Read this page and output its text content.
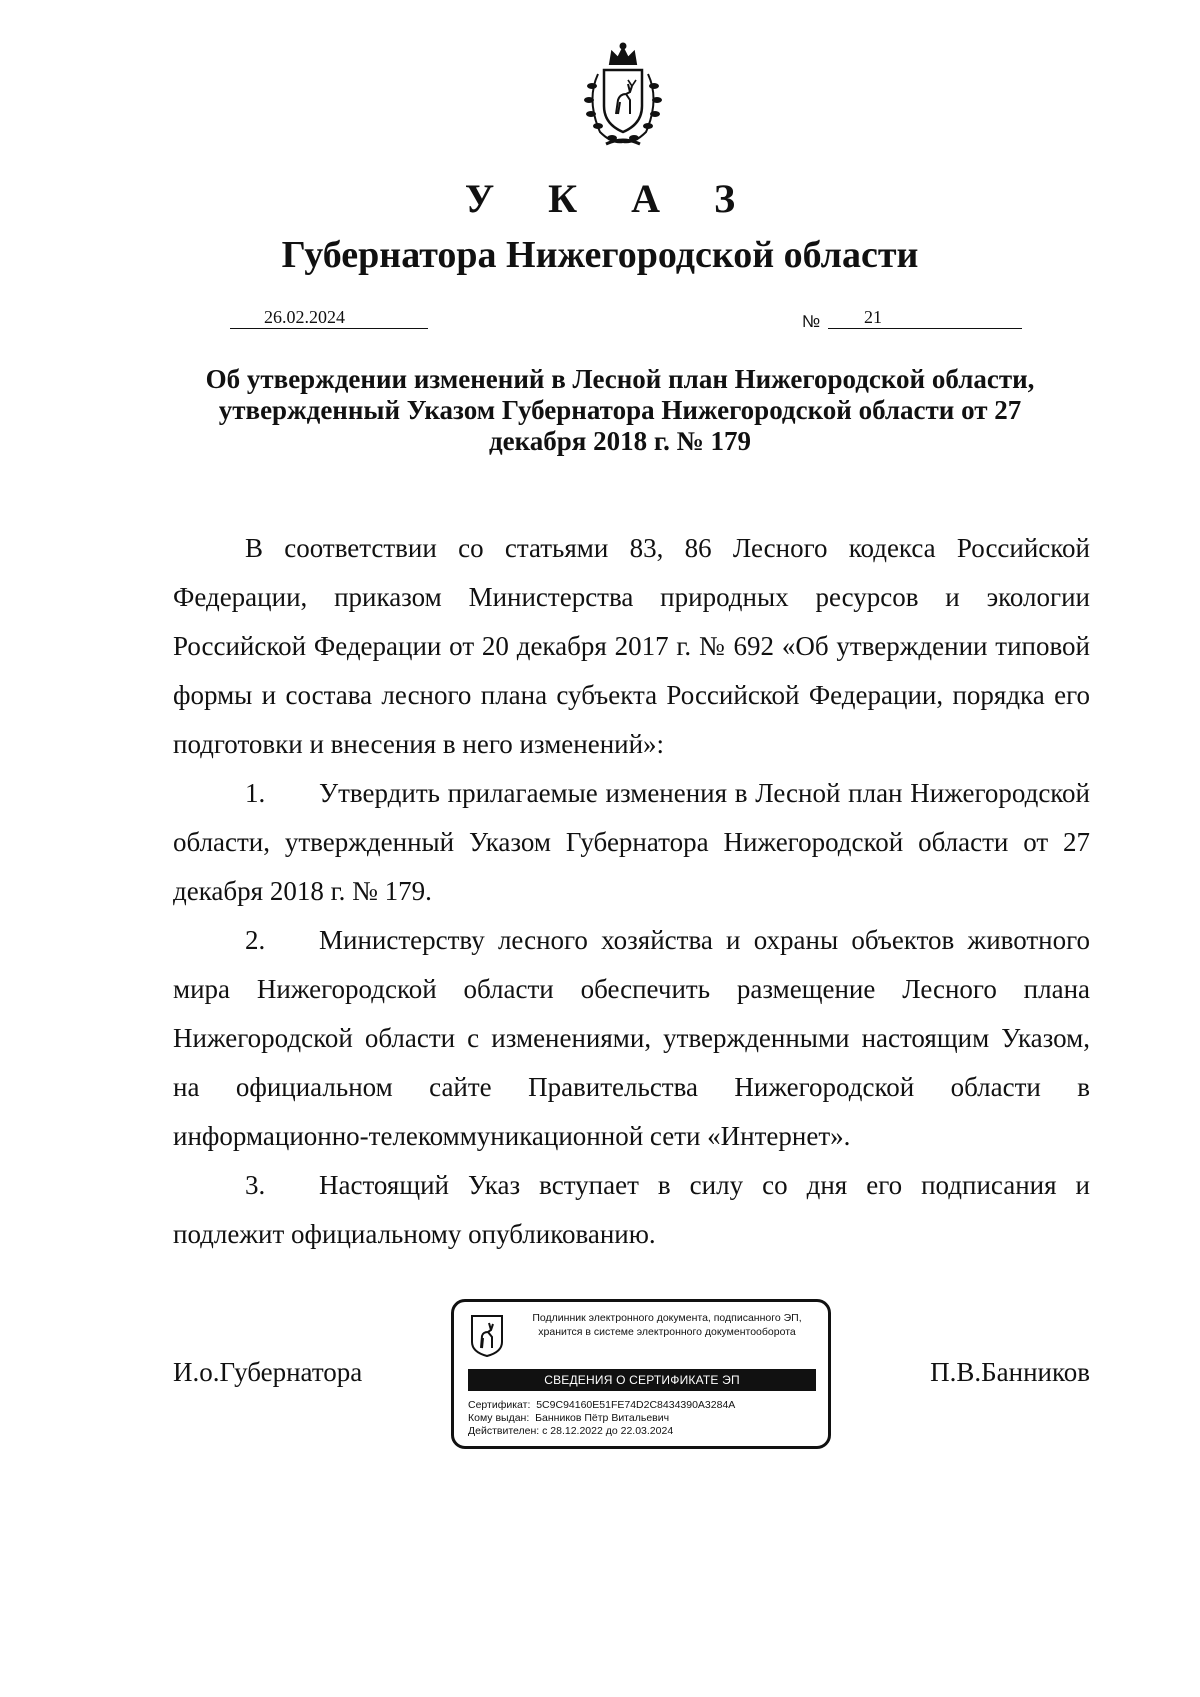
У К А З
Губернатора Нижегородской области
26.02.2024	№	21
Об утверждении изменений в Лесной план Нижегородской области, утвержденный Указом Губернатора Нижегородской области от 27 декабря 2018 г. № 179

В соответствии со статьями 83, 86 Лесного кодекса Российской Федерации, приказом Министерства природных ресурсов и экологии Российской Федерации от 20 декабря 2017 г. № 692 «Об утверждении типовой формы и состава лесного плана субъекта Российской Федерации, порядка его подготовки и внесения в него изменений»:

1. Утвердить прилагаемые изменения в Лесной план Нижегородской области, утвержденный Указом Губернатора Нижегородской области от 27 декабря 2018 г. № 179.

2. Министерству лесного хозяйства и охраны объектов животного мира Нижегородской области обеспечить размещение Лесного плана Нижегородской области с изменениями, утвержденными настоящим Указом, на официальном сайте Правительства Нижегородской области в информационно-телекоммуникационной сети «Интернет».

3. Настоящий Указ вступает в силу со дня его подписания и подлежит официальному опубликованию.

И.о.Губернатора
Подлинник электронного документа, подписанного ЭП,
хранится в системе электронного документооборота
СВЕДЕНИЯ О СЕРТИФИКАТЕ ЭП
Сертификат: 5C9C94160E51FE74D2C8434390A3284A
Кому выдан: Банников Пётр Витальевич
Действителен: с 28.12.2022 до 22.03.2024
П.В.Банников
